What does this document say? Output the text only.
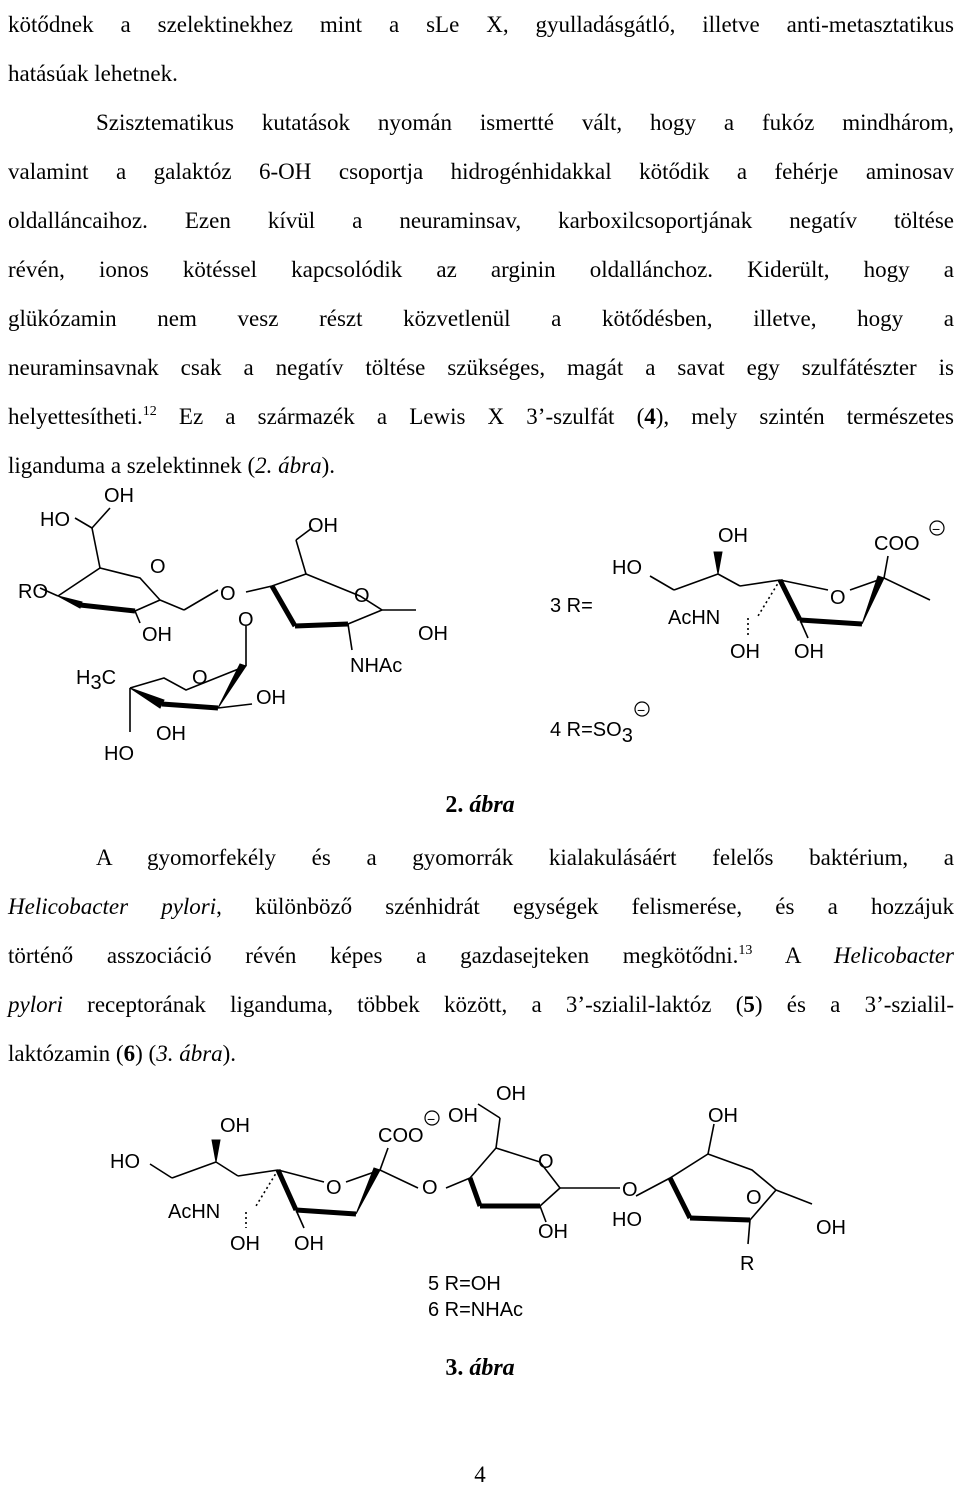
kötődnek a szelektinekhez mint a sLe X, gyulladásgátló, illetve anti-metasztatikus
hatásúak lehetnek.
Szisztematikus kutatások nyomán ismertté vált, hogy a fukóz mindhárom,
valamint a galaktóz 6-OH csoportja hidrogénhidakkal kötődik a fehérje aminosav
oldalláncaihoz. Ezen kívül a neuraminsav, karboxilcsoportjának negatív töltése
révén, ionos kötéssel kapcsolódik az arginin oldallánchoz. Kiderült, hogy a
glükózamin nem vesz részt közvetlenül a kötődésben, illetve, hogy a
neuraminsavnak csak a negatív töltése szükséges, magát a savat egy szulfátészter is
helyettesítheti.$^{12}$ Ez a származék a Lewis X 3’-szulfát (4), mely szintén természetes
liganduma a szelektinnek (2. ábra).
HO
OH
OH
RO
O
O
O
O
OH	OH
NHAc
H3C	O
OH
OH
HO
3 R=
4 R=SO3
−
OH	COO
−
HO
O
AcHN
OH OH
2. ábra
A gyomorfekély és a gyomorrák kialakulásáért felelős baktérium, a
Helicobacter pylori, különböző szénhidrát egységek felismerése, és a hozzájuk
történő asszociáció révén képes a gazdasejteken megkötődni.$^{13}$ A Helicobacter
pylori receptorának liganduma, többek között, a 3’-szialil-laktóz (5) és a 3’-szialil-
laktózamin (6) (3. ábra).
OH
OH	COO
− OH	OH
HO	O
O	O	O	O
AcHN	HO
OH	OH
OH OH
R
5 R=OH
6 R=NHAc
3. ábra
4
